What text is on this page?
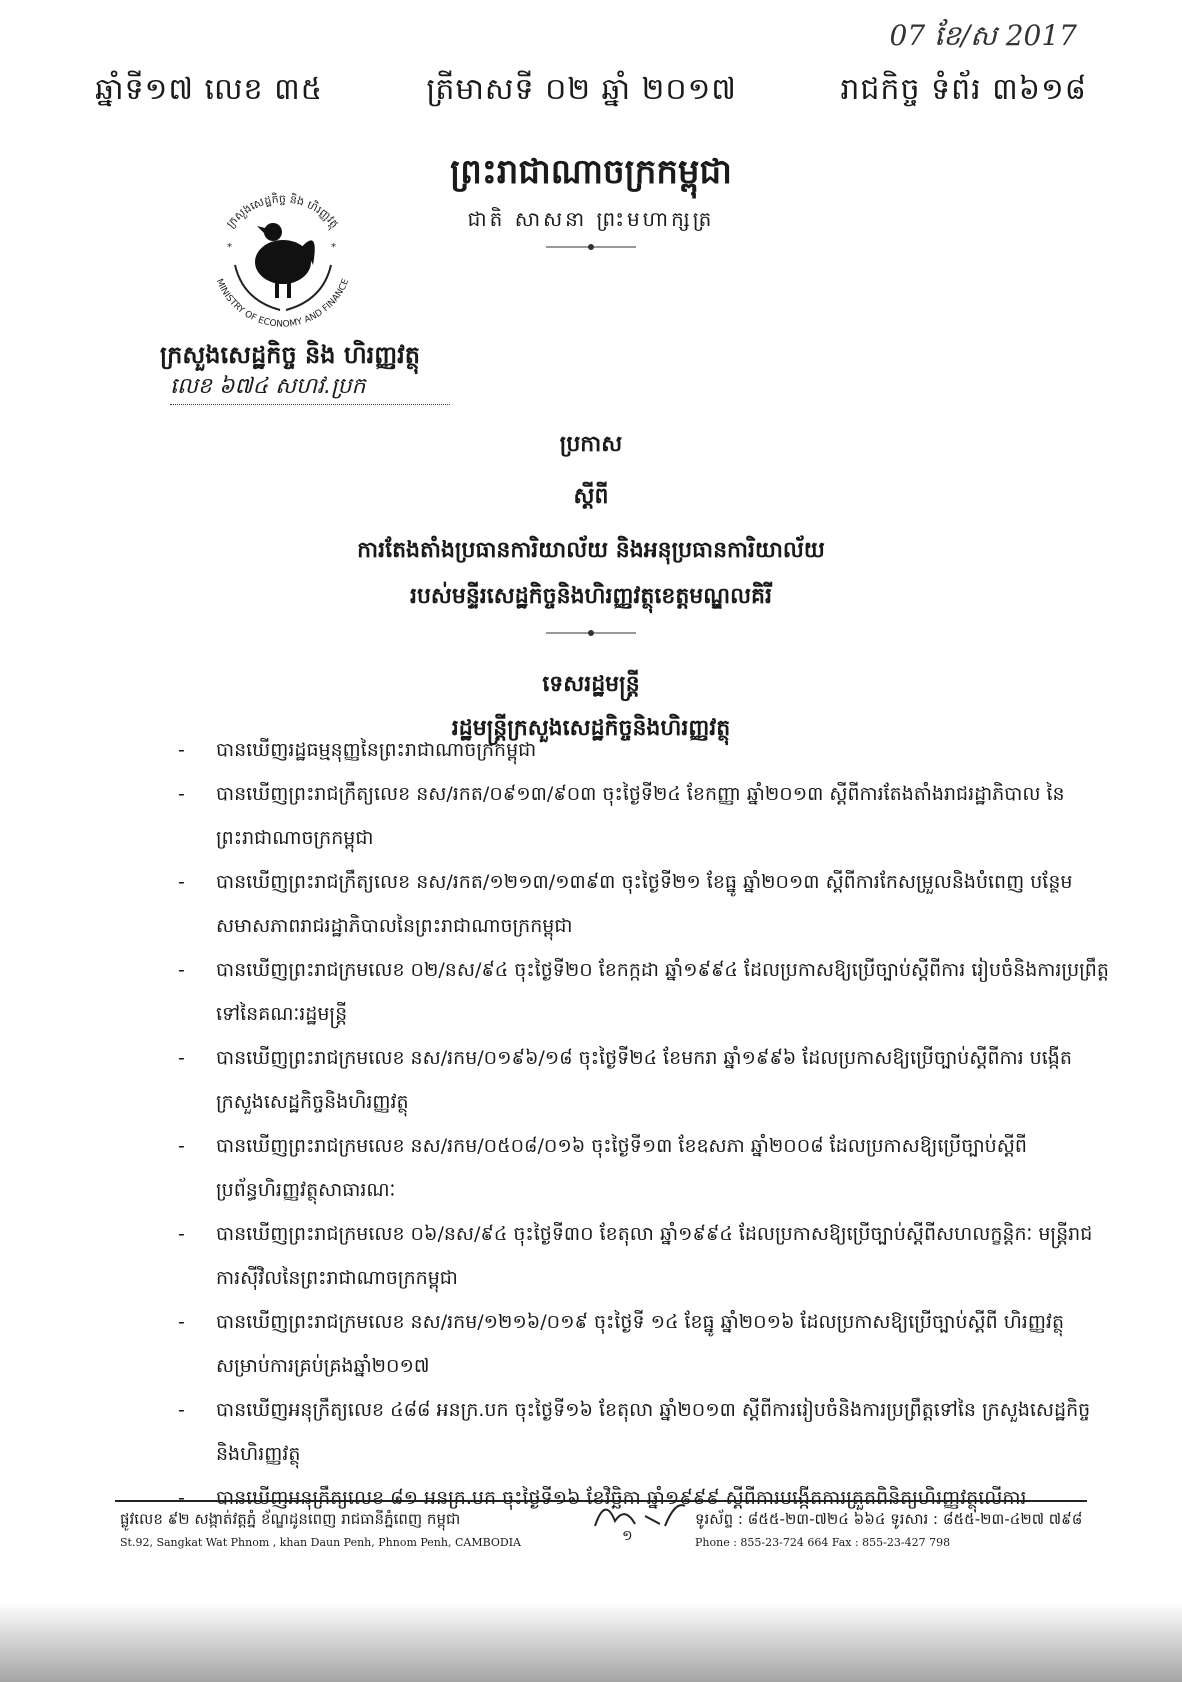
07 ខែ/ស 2017
ឆ្នាំទី១៧ លេខ ៣៥	ត្រីមាសទី ០២ ឆ្នាំ ២០១៧	រាជកិច្ច ទំព័រ ៣៦១៨
ព្រះរាជាណាចក្រកម្ពុជា
ជាតិ សាសនា ព្រះមហាក្សត្រ
ក្រសួងសេដ្ឋកិច្ច និង ហិរញ្ញវត្ថុ
MINISTRY OF ECONOMY AND FINANCE
*	*
ក្រសួងសេដ្ឋកិច្ច និង ហិរញ្ញវត្ថុ
លេខ ៦៧៤ សហវ.ប្រក
ប្រកាស
ស្តីពី
ការតែងតាំងប្រធានការិយាល័យ និងអនុប្រធានការិយាល័យ
របស់មន្ទីរសេដ្ឋកិច្ចនិងហិរញ្ញវត្ថុខេត្តមណ្ឌលគិរី
ទេសរដ្ឋមន្ត្រី
រដ្ឋមន្ត្រីក្រសួងសេដ្ឋកិច្ចនិងហិរញ្ញវត្ថុ
- បានឃើញរដ្ឋធម្មនុញ្ញនៃព្រះរាជាណាចក្រកម្ពុជា
- បានឃើញព្រះរាជក្រឹត្យលេខ នស/រកត/០៩១៣/៩០៣ ចុះថ្ងៃទី២៤ ខែកញ្ញា ឆ្នាំ២០១៣ ស្តីពីការតែងតាំងរាជរដ្ឋាភិបាល នៃព្រះរាជាណាចក្រកម្ពុជា
- បានឃើញព្រះរាជក្រឹត្យលេខ នស/រកត/១២១៣/១៣៩៣ ចុះថ្ងៃទី២១ ខែធ្នូ ឆ្នាំ២០១៣ ស្តីពីការកែសម្រួលនិងបំពេញ បន្ថែមសមាសភាពរាជរដ្ឋាភិបាលនៃព្រះរាជាណាចក្រកម្ពុជា
- បានឃើញព្រះរាជក្រមលេខ ០២/នស/៩៤ ចុះថ្ងៃទី២០ ខែកក្កដា ឆ្នាំ១៩៩៤ ដែលប្រកាសឱ្យប្រើច្បាប់ស្តីពីការ រៀបចំនិងការប្រព្រឹត្តទៅនៃគណៈរដ្ឋមន្ត្រី
- បានឃើញព្រះរាជក្រមលេខ នស/រកម/០១៩៦/១៨ ចុះថ្ងៃទី២៤ ខែមករា ឆ្នាំ១៩៩៦ ដែលប្រកាសឱ្យប្រើច្បាប់ស្តីពីការ បង្កើតក្រសួងសេដ្ឋកិច្ចនិងហិរញ្ញវត្ថុ
- បានឃើញព្រះរាជក្រមលេខ នស/រកម/០៥០៨/០១៦ ចុះថ្ងៃទី១៣ ខែឧសភា ឆ្នាំ២០០៨ ដែលប្រកាសឱ្យប្រើច្បាប់ស្តីពី ប្រព័ន្ធហិរញ្ញវត្ថុសាធារណៈ
- បានឃើញព្រះរាជក្រមលេខ ០៦/នស/៩៤ ចុះថ្ងៃទី៣០ ខែតុលា ឆ្នាំ១៩៩៤ ដែលប្រកាសឱ្យប្រើច្បាប់ស្តីពីសហលក្ខន្តិកៈ មន្ត្រីរាជការស៊ីវិលនៃព្រះរាជាណាចក្រកម្ពុជា
- បានឃើញព្រះរាជក្រមលេខ នស/រកម/១២១៦/០១៩ ចុះថ្ងៃទី ១៤ ខែធ្នូ ឆ្នាំ២០១៦ ដែលប្រកាសឱ្យប្រើច្បាប់ស្តីពី ហិរញ្ញវត្ថុសម្រាប់ការគ្រប់គ្រងឆ្នាំ២០១៧
- បានឃើញអនុក្រឹត្យលេខ ៤៨៨ អនក្រ.បក ចុះថ្ងៃទី១៦ ខែតុលា ឆ្នាំ២០១៣ ស្តីពីការរៀបចំនិងការប្រព្រឹត្តទៅនៃ ក្រសួងសេដ្ឋកិច្ចនិងហិរញ្ញវត្ថុ
- បានឃើញអនុក្រឹត្យលេខ ៨១ អនក្រ.បក ចុះថ្ងៃទី១៦ ខែវិច្ឆិកា ឆ្នាំ១៩៩៩ ស្តីពីការបង្កើតការត្រួតពិនិត្យហិរញ្ញវត្ថុលើការ
ផ្លូវលេខ ៩២ សង្កាត់វត្តភ្នំ ខ័ណ្ឌដូនពេញ រាជធានីភ្នំពេញ កម្ពុជា
St.92, Sangkat Wat Phnom , khan Daun Penh, Phnom Penh, CAMBODIA	១
ទូរស័ព្ទ : ៨៥៥-២៣-៧២៤ ៦៦៤ ទូរសារ : ៨៥៥-២៣-៤២៧ ៧៩៨
Phone : 855-23-724 664 Fax : 855-23-427 798
